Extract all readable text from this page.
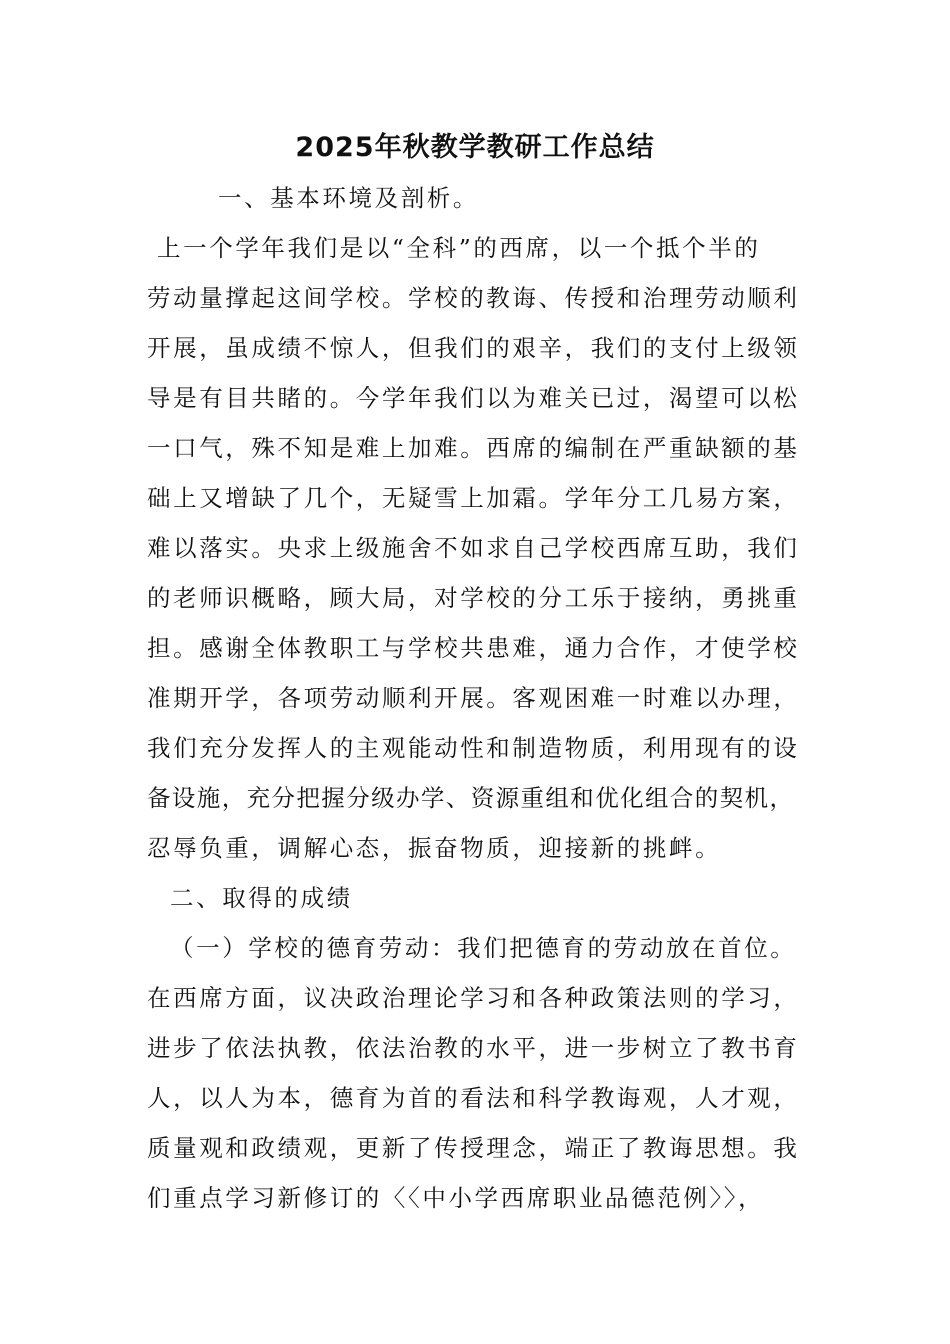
2025年秋教学教研工作总结
一、基本环境及剖析。
上一个学年我们是以“全科”的西席，以一个抵个半的
劳动量撑起这间学校。学校的教诲、传授和治理劳动顺利
开展，虽成绩不惊人，但我们的艰辛，我们的支付上级领
导是有目共睹的。今学年我们以为难关已过，渴望可以松
一口气，殊不知是难上加难。西席的编制在严重缺额的基
础上又增缺了几个，无疑雪上加霜。学年分工几易方案，
难以落实。央求上级施舍不如求自己学校西席互助，我们
的老师识概略，顾大局，对学校的分工乐于接纳，勇挑重
担。感谢全体教职工与学校共患难，通力合作，才使学校
准期开学，各项劳动顺利开展。客观困难一时难以办理，
我们充分发挥人的主观能动性和制造物质，利用现有的设
备设施，充分把握分级办学、资源重组和优化组合的契机，
忍辱负重，调解心态，振奋物质，迎接新的挑衅。
二、取得的成绩
（一）学校的德育劳动：我们把德育的劳动放在首位。
在西席方面，议决政治理论学习和各种政策法则的学习，
进步了依法执教，依法治教的水平，进一步树立了教书育
人，以人为本，德育为首的看法和科学教诲观，人才观，
质量观和政绩观，更新了传授理念，端正了教诲思想。我
们重点学习新修订的〈〈中小学西席职业品德范例〉〉，
